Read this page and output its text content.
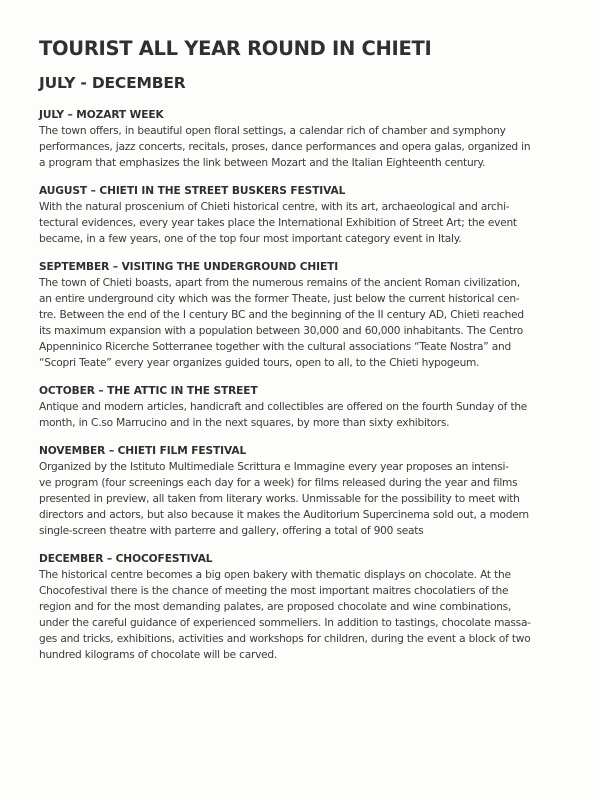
TOURIST ALL YEAR ROUND IN CHIETI
JULY - DECEMBER
JULY – MOZART WEEK

The town offers, in beautiful open floral settings, a calendar rich of chamber and symphony
performances, jazz concerts, recitals, proses, dance performances and opera galas, organized in
a program that emphasizes the link between Mozart and the Italian Eighteenth century.

AUGUST – CHIETI IN THE STREET BUSKERS FESTIVAL

With the natural proscenium of Chieti historical centre, with its art, archaeological and archi-
tectural evidences, every year takes place the International Exhibition of Street Art; the event
became, in a few years, one of the top four most important category event in Italy.

SEPTEMBER – VISITING THE UNDERGROUND CHIETI

The town of Chieti boasts, apart from the numerous remains of the ancient Roman civilization,
an entire underground city which was the former Theate, just below the current historical cen-
tre. Between the end of the I century BC and the beginning of the II century AD, Chieti reached
its maximum expansion with a population between 30,000 and 60,000 inhabitants. The Centro
Appenninico Ricerche Sotterranee together with the cultural associations “Teate Nostra” and
“Scopri Teate” every year organizes guided tours, open to all, to the Chieti hypogeum.

OCTOBER – THE ATTIC IN THE STREET

Antique and modern articles, handicraft and collectibles are offered on the fourth Sunday of the
month, in C.so Marrucino and in the next squares, by more than sixty exhibitors.

NOVEMBER – CHIETI FILM FESTIVAL

Organized by the Istituto Multimediale Scrittura e Immagine every year proposes an intensi-
ve program (four screenings each day for a week) for films released during the year and films
presented in preview, all taken from literary works. Unmissable for the possibility to meet with
directors and actors, but also because it makes the Auditorium Supercinema sold out, a modern
single-screen theatre with parterre and gallery, offering a total of 900 seats

DECEMBER – CHOCOFESTIVAL

The historical centre becomes a big open bakery with thematic displays on chocolate. At the
Chocofestival there is the chance of meeting the most important maitres chocolatiers of the
region and for the most demanding palates, are proposed chocolate and wine combinations,
under the careful guidance of experienced sommeliers. In addition to tastings, chocolate massa-
ges and tricks, exhibitions, activities and workshops for children, during the event a block of two
hundred kilograms of chocolate will be carved.
